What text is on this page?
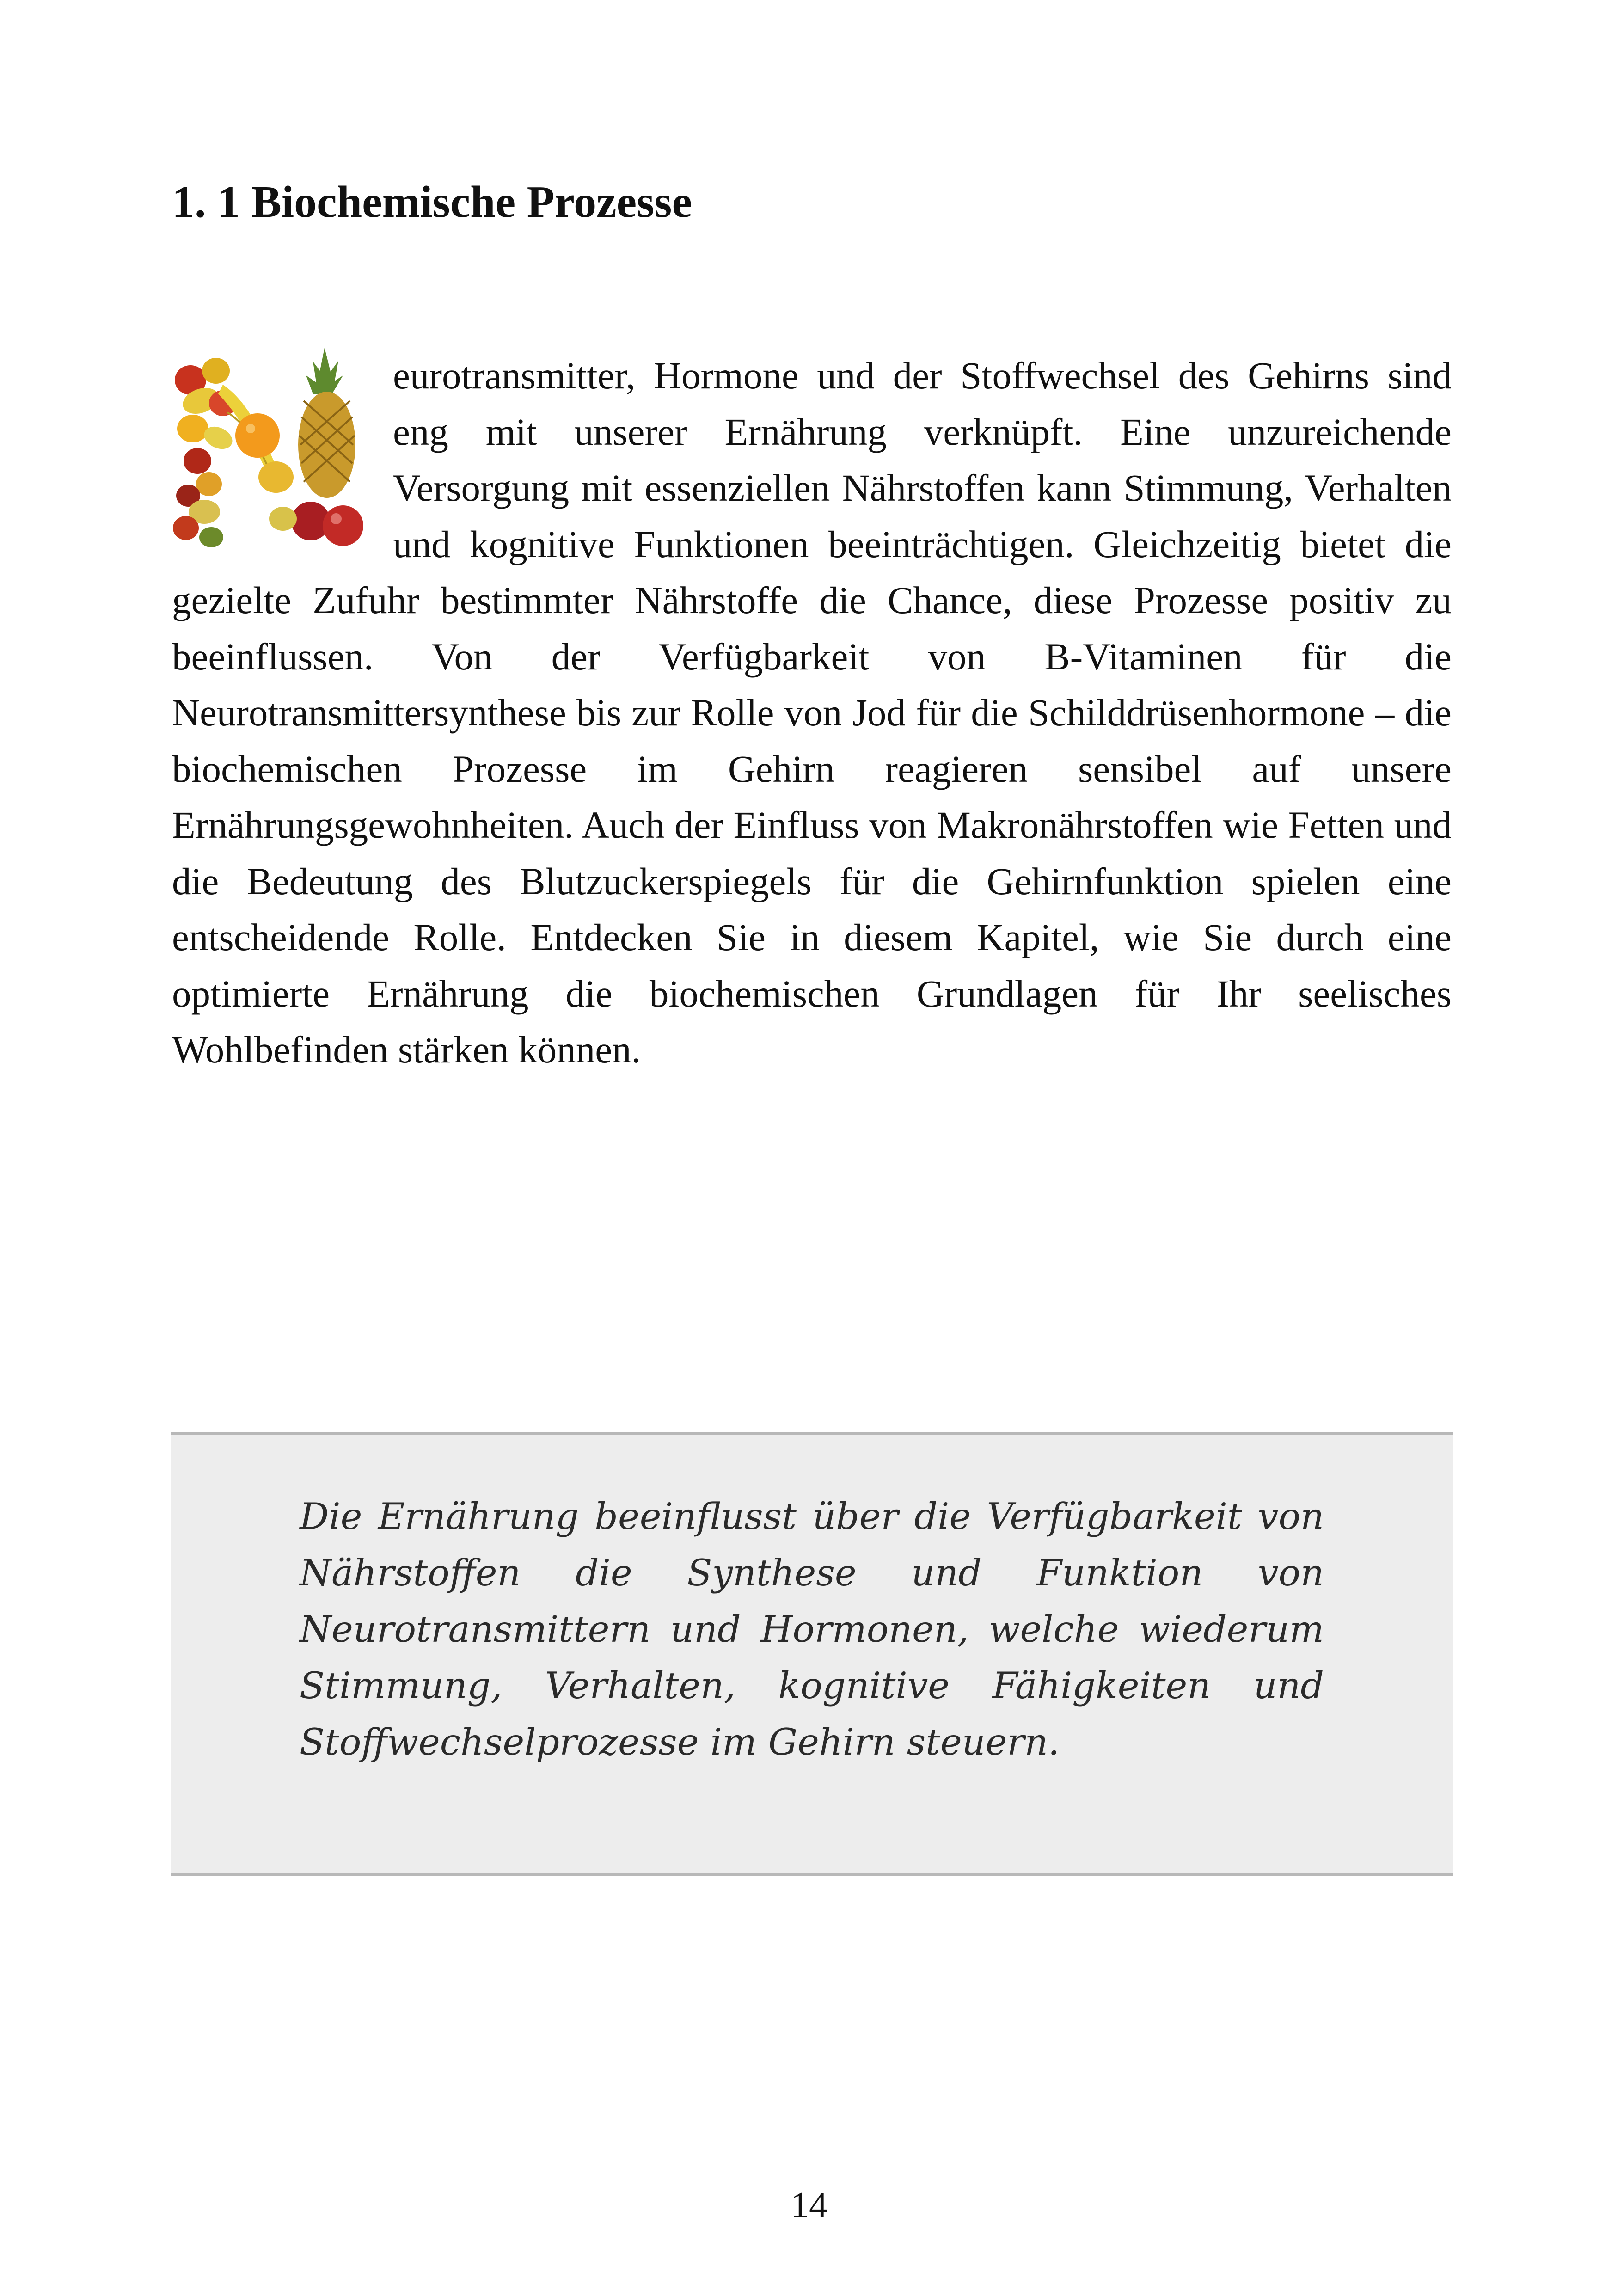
1. 1 Biochemische Prozesse
eurotransmitter, Hormone und der Stoffwechsel des Gehirns sind eng mit unserer Ernährung verknüpft. Eine unzureichende Versorgung mit essenziellen Nährstoffen kann Stimmung, Verhalten und kognitive Funktionen beeinträchtigen. Gleichzeitig bietet die gezielte Zufuhr bestimmter Nährstoffe die Chance, diese Prozesse positiv zu beeinflussen. Von der Verfügbarkeit von B-Vitaminen für die Neurotransmittersynthese bis zur Rolle von Jod für die Schilddrüsenhormone – die biochemischen Prozesse im Gehirn reagieren sensibel auf unsere Ernährungsgewohnheiten. Auch der Einfluss von Makronährstoffen wie Fetten und die Bedeutung des Blutzuckerspiegels für die Gehirnfunktion spielen eine entscheidende Rolle. Entdecken Sie in diesem Kapitel, wie Sie durch eine optimierte Ernährung die biochemischen Grundlagen für Ihr seelisches Wohlbefinden stärken können.

Die Ernährung beeinflusst über die Verfügbarkeit von Nährstoffen die Synthese und Funktion von Neurotransmittern und Hormonen, welche wiederum Stimmung, Verhalten, kognitive Fähigkeiten und Stoffwechselprozesse im Gehirn steuern.

14
